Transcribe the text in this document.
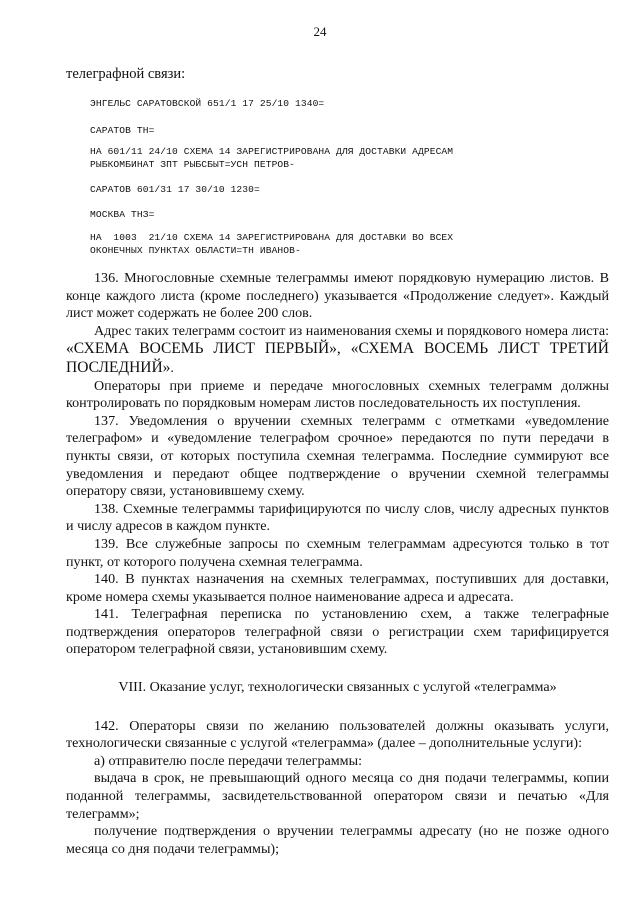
24
телеграфной связи:
ЭНГЕЛЬС САРАТОВСКОЙ 651/1 17 25/10 1340=
САРАТОВ ТН=
НА 601/11 24/10 СХЕМА 14 ЗАРЕГИСТРИРОВАНА ДЛЯ ДОСТАВКИ АДРЕСАМ
РЫБКОМБИНАТ ЗПТ РЫБСБЫТ=УСН ПЕТРОВ-
САРАТОВ 601/31 17 30/10 1230=
МОСКВА ТНЗ=
НА  1003  21/10 СХЕМА 14 ЗАРЕГИСТРИРОВАНА ДЛЯ ДОСТАВКИ ВО ВСЕХ
ОКОНЕЧНЫХ ПУНКТАХ ОБЛАСТИ=ТН ИВАНОВ-

136. Многословные схемные телеграммы имеют порядковую нумерацию листов. В конце каждого листа (кроме последнего) указывается «Продолжение следует». Каждый лист может содержать не более 200 слов.

Адрес таких телеграмм состоит из наименования схемы и порядкового номера листа: «СХЕМА ВОСЕМЬ ЛИСТ ПЕРВЫЙ», «СХЕМА ВОСЕМЬ ЛИСТ ТРЕТИЙ ПОСЛЕДНИЙ».

Операторы при приеме и передаче многословных схемных телеграмм должны контролировать по порядковым номерам листов последовательность их поступления.

137. Уведомления о вручении схемных телеграмм с отметками «уведомление телеграфом» и «уведомление телеграфом срочное» передаются по пути передачи в пункты связи, от которых поступила схемная телеграмма. Последние суммируют все уведомления и передают общее подтверждение о вручении схемной телеграммы оператору связи, установившему схему.

138. Схемные телеграммы тарифицируются по числу слов, числу адресных пунктов и числу адресов в каждом пункте.

139. Все служебные запросы по схемным телеграммам адресуются только в тот пункт, от которого получена схемная телеграмма.

140. В пунктах назначения на схемных телеграммах, поступивших для доставки, кроме номера схемы указывается полное наименование адреса и адресата.

141. Телеграфная переписка по установлению схем, а также телеграфные подтверждения операторов телеграфной связи о регистрации схем тарифицируется оператором телеграфной связи, установившим схему.

VIII. Оказание услуг, технологически связанных с услугой «телеграмма»

142. Операторы связи по желанию пользователей должны оказывать услуги, технологически связанные с услугой «телеграмма» (далее – дополнительные услуги):

а) отправителю после передачи телеграммы:

выдача в срок, не превышающий одного месяца со дня подачи телеграммы, копии поданной телеграммы, засвидетельствованной оператором связи и печатью «Для телеграмм»;

получение подтверждения о вручении телеграммы адресату (но не позже одного месяца со дня подачи телеграммы);
